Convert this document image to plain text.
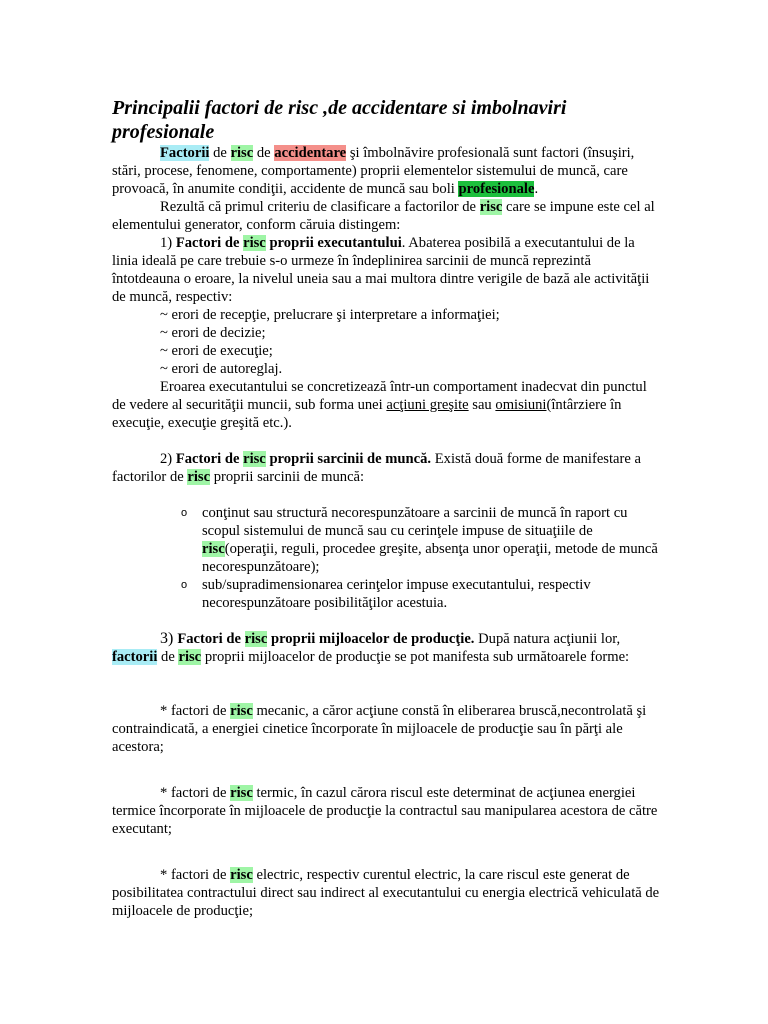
Principalii factori de risc ,de accidentare si imbolnaviri profesionale

Factorii de risc de accidentare şi îmbolnăvire profesională sunt factori (însuşiri, stări, procese, fenomene, comportamente) proprii elementelor sistemului de muncă, care provoacă, în anumite condiţii, accidente de muncă sau boli profesionale.

Rezultă că primul criteriu de clasificare a factorilor de risc care se impune este cel al elementului generator, conform căruia distingem:

1) Factori de risc proprii executantului. Abaterea posibilă a executantului de la linia ideală pe care trebuie s-o urmeze în îndeplinirea sarcinii de muncă reprezintă întotdeauna o eroare, la nivelul uneia sau a mai multora dintre verigile de bază ale activităţii de muncă, respectiv:

~ erori de recepţie, prelucrare şi interpretare a informaţiei;

~ erori de decizie;

~ erori de execuţie;

~ erori de autoreglaj.

Eroarea executantului se concretizează într-un comportament inadecvat din punctul de vedere al securităţii muncii, sub forma unei acţiuni greşite sau omisiuni(întârziere în execuţie, execuţie greşită etc.).

2) Factori de risc proprii sarcinii de muncă. Există două forme de manifestare a factorilor de risc proprii sarcinii de muncă:

o conţinut sau structură necorespunzătoare a sarcinii de muncă în raport cu scopul sistemului de muncă sau cu cerinţele impuse de situaţiile de risc(operaţii, reguli, procedee greşite, absenţa unor operaţii, metode de muncă necorespunzătoare);
o sub/supradimensionarea cerinţelor impuse executantului, respectiv necorespunzătoare posibilităţilor acestuia.

3) Factori de risc proprii mijloacelor de producţie. După natura acţiunii lor, factorii de risc proprii mijloacelor de producţie se pot manifesta sub următoarele forme:

* factori de risc mecanic, a căror acţiune constă în eliberarea bruscă,necontrolată şi contraindicată, a energiei cinetice încorporate în mijloacele de producţie sau în părţi ale acestora;

* factori de risc termic, în cazul cărora riscul este determinat de acţiunea energiei termice încorporate în mijloacele de producţie la contractul sau manipularea acestora de către executant;

* factori de risc electric, respectiv curentul electric, la care riscul este generat de posibilitatea contractului direct sau indirect al executantului cu energia electrică vehiculată de mijloacele de producţie;
